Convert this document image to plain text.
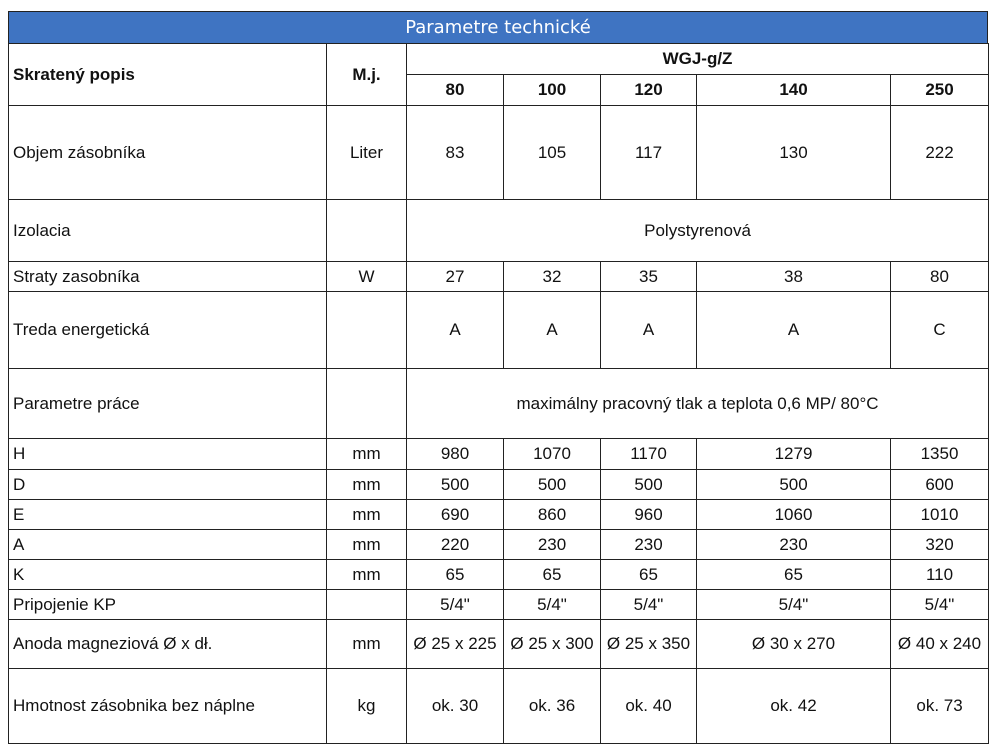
Parametre technické
Skratený popis	M.j.	WGJ-g/Z				
		80	100	120	140	250
Objem zásobníka	Liter	83	105	117	130	222
Izolacia		Polystyrenová				
Straty zasobníka	W	27	32	35	38	80
Treda energetická		A	A	A	A	C
Parametre práce		maximálny pracovný tlak a teplota 0,6 MP/ 80°C				
H	mm	980	1070	1170	1279	1350
D	mm	500	500	500	500	600
E	mm	690	860	960	1060	1010
A	mm	220	230	230	230	320
K	mm	65	65	65	65	110
Pripojenie KP		5/4"	5/4"	5/4"	5/4"	5/4"
Anoda magneziová Ø x dł.	mm	Ø 25 x 225	Ø 25 x 300	Ø 25 x 350	Ø 30 x 270	Ø 40 x 240
Hmotnost zásobnika bez náplne	kg	ok. 30	ok. 36	ok. 40	ok. 42	ok. 73
